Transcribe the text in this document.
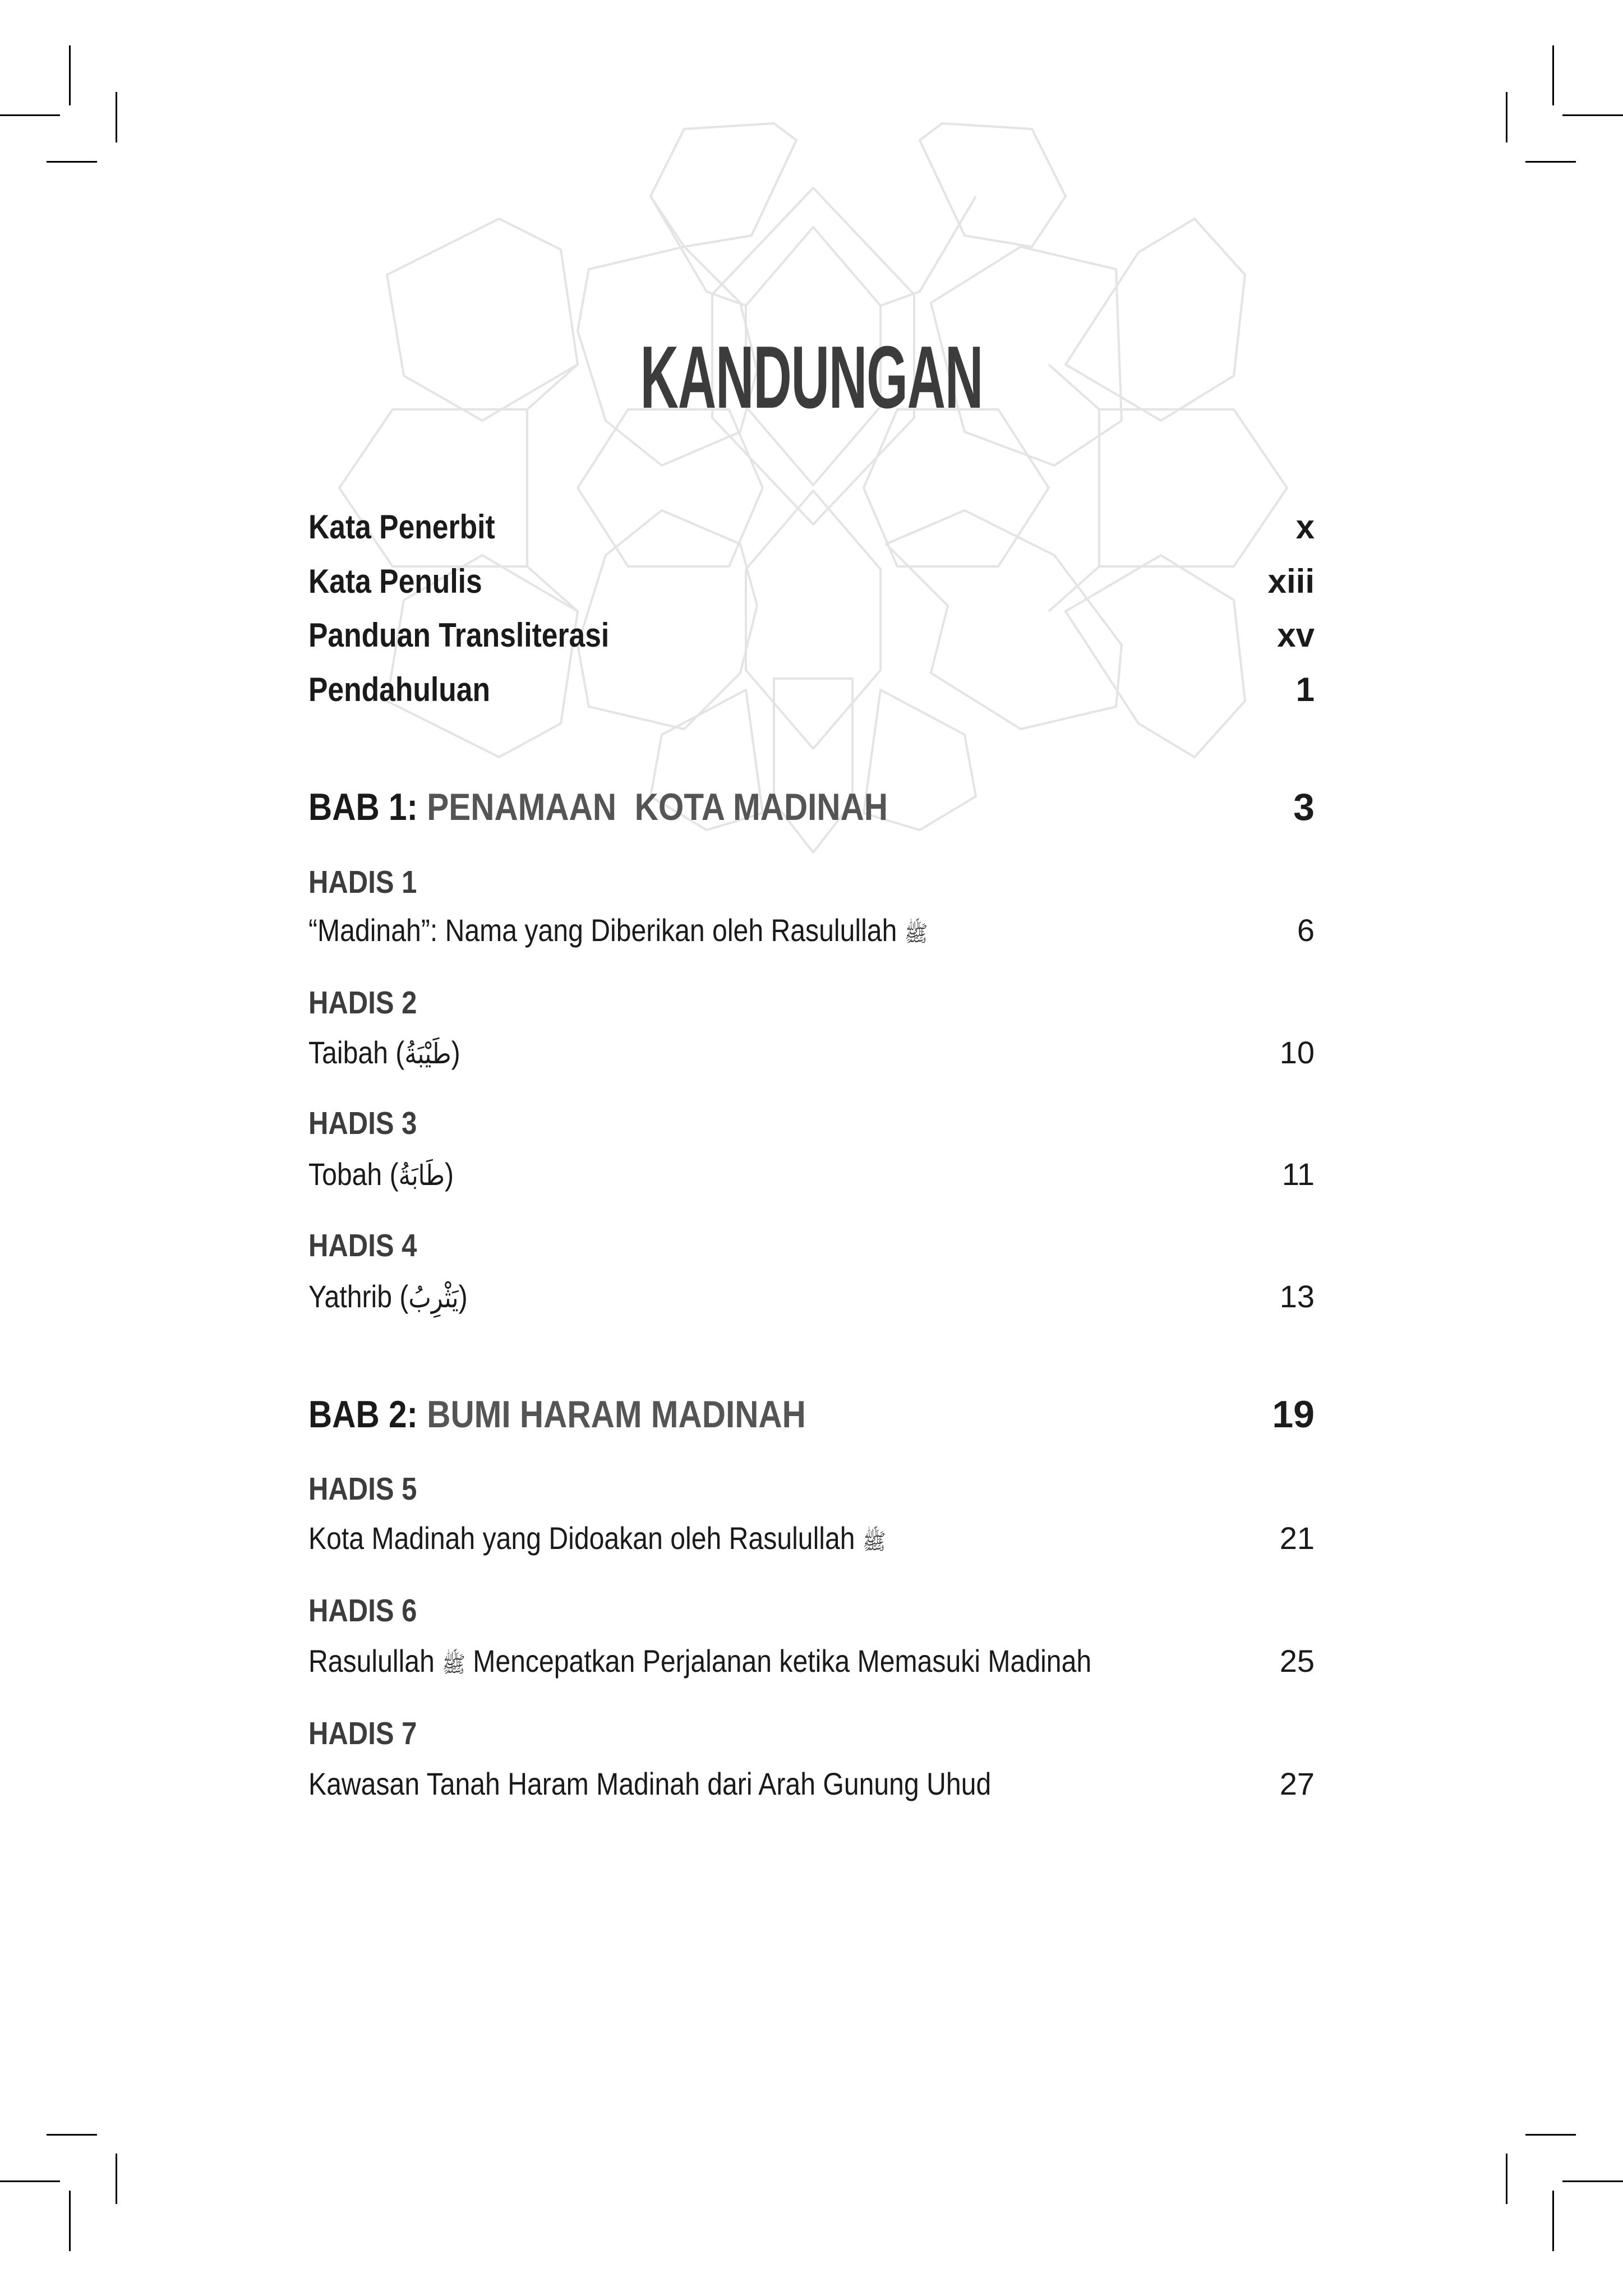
KANDUNGAN
Kata Penerbit	x
Kata Penulis	xiii
Panduan Transliterasi	xv
Pendahuluan	1
BAB 1: PENAMAAN  KOTA MADINAH	3
HADIS 1
“Madinah”: Nama yang Diberikan oleh Rasulullah ﷺ	6
HADIS 2
Taibah (طَيْبَةُ)	10
HADIS 3
Tobah (طَابَةُ)	11
HADIS 4
Yathrib (يَثْرِبُ)	13
BAB 2: BUMI HARAM MADINAH	19
HADIS 5
Kota Madinah yang Didoakan oleh Rasulullah ﷺ	21
HADIS 6
Rasulullah ﷺ Mencepatkan Perjalanan ketika Memasuki Madinah	25
HADIS 7
Kawasan Tanah Haram Madinah dari Arah Gunung Uhud	27
